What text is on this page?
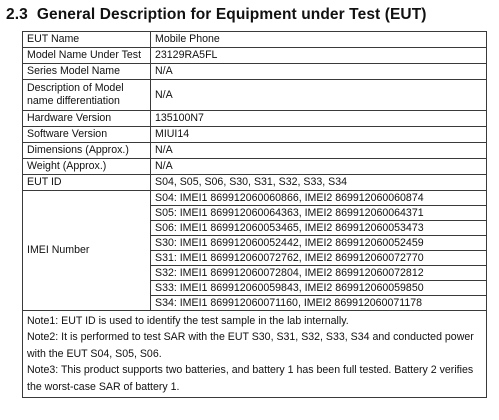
2.3 General Description for Equipment under Test (EUT)
EUT Name	Mobile Phone
Model Name Under Test	23129RA5FL
Series Model Name	N/A
Description of Model name differentiation	N/A
Hardware Version	135100N7
Software Version	MIUI14
Dimensions (Approx.)	N/A
Weight (Approx.)	N/A
EUT ID	S04, S05, S06, S30, S31, S32, S33, S34
IMEI Number	S04: IMEI1 869912060060866, IMEI2 869912060060874
	S05: IMEI1 869912060064363, IMEI2 869912060064371
	S06: IMEI1 869912060053465, IMEI2 869912060053473
	S30: IMEI1 869912060052442, IMEI2 869912060052459
	S31: IMEI1 869912060072762, IMEI2 869912060072770
	S32: IMEI1 869912060072804, IMEI2 869912060072812
	S33: IMEI1 869912060059843, IMEI2 869912060059850
	S34: IMEI1 869912060071160, IMEI2 869912060071178

Note1: EUT ID is used to identify the test sample in the lab internally.

Note2: It is performed to test SAR with the EUT S30, S31, S32, S33, S34 and conducted power with the EUT S04, S05, S06.

Note3: This product supports two batteries, and battery 1 has been full tested. Battery 2 verifies the worst-case SAR of battery 1.	
